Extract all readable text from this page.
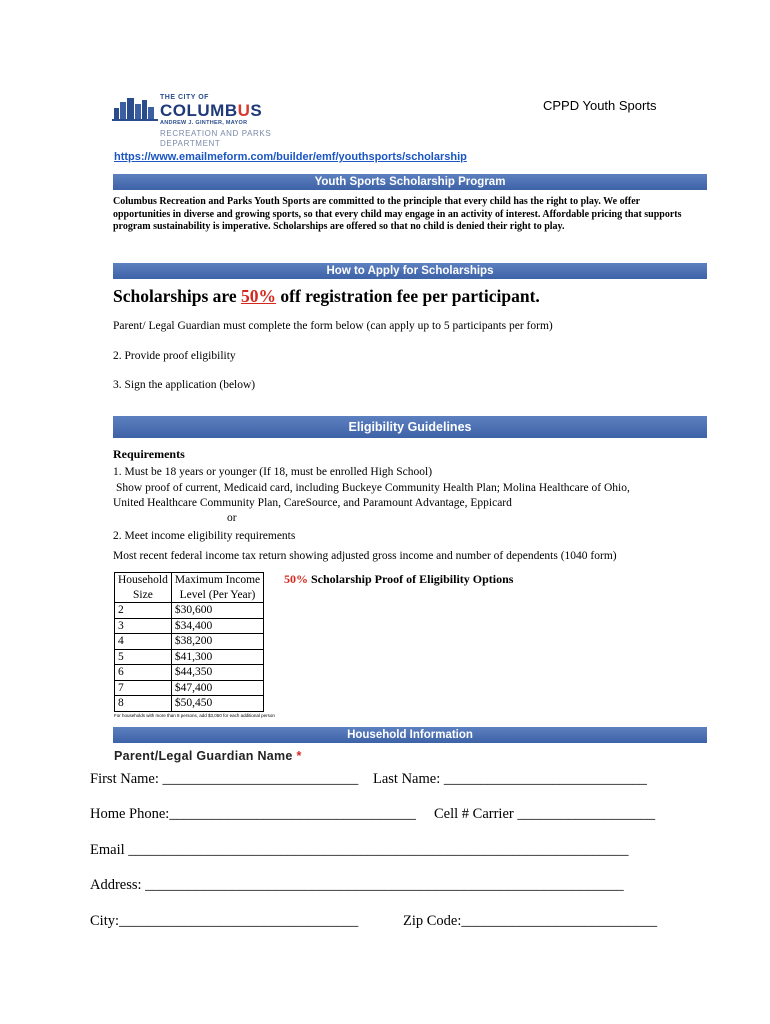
THE CITY OF
COLUMBUS
ANDREW J. GINTHER, MAYOR
RECREATION AND PARKS
DEPARTMENT
CPPD Youth Sports
https://www.emailmeform.com/builder/emf/youthsports/scholarship
Youth Sports Scholarship Program
Columbus Recreation and Parks Youth Sports are committed to the principle that every child has the right to play. We offer opportunities in diverse and growing sports, so that every child may engage in an activity of interest. Affordable pricing that supports program sustainability is imperative. Scholarships are offered so that no child is denied their right to play.
How to Apply for Scholarships
Scholarships are 50% off registration fee per participant.
Parent/ Legal Guardian must complete the form below (can apply up to 5 participants per form)
2. Provide proof eligibility
3. Sign the application (below)
Eligibility Guidelines
Requirements
1. Must be 18 years or younger (If 18, must be enrolled High School)
Show proof of current, Medicaid card, including Buckeye Community Health Plan; Molina Healthcare of Ohio,
United Healthcare Community Plan, CareSource, and Paramount Advantage, Eppicard
or
2. Meet income eligibility requirements
Most recent federal income tax return showing adjusted gross income and number of dependents (1040 form)
Household
Size	Maximum Income
Level (Per Year)
2	$30,600
3	$34,400
4	$38,200
5	$41,300
6	$44,350
7	$47,400
8	$50,450
For households with more than 8 persons, add $3,050 for each additional person
50% Scholarship Proof of Eligibility Options
Household Information
Parent/Legal Guardian Name *
First Name: ___________________________ Last Name: ____________________________
Home Phone:__________________________________ Cell # Carrier ___________________
Email _____________________________________________________________________
Address: __________________________________________________________________
City:_________________________________	Zip Code:___________________________
